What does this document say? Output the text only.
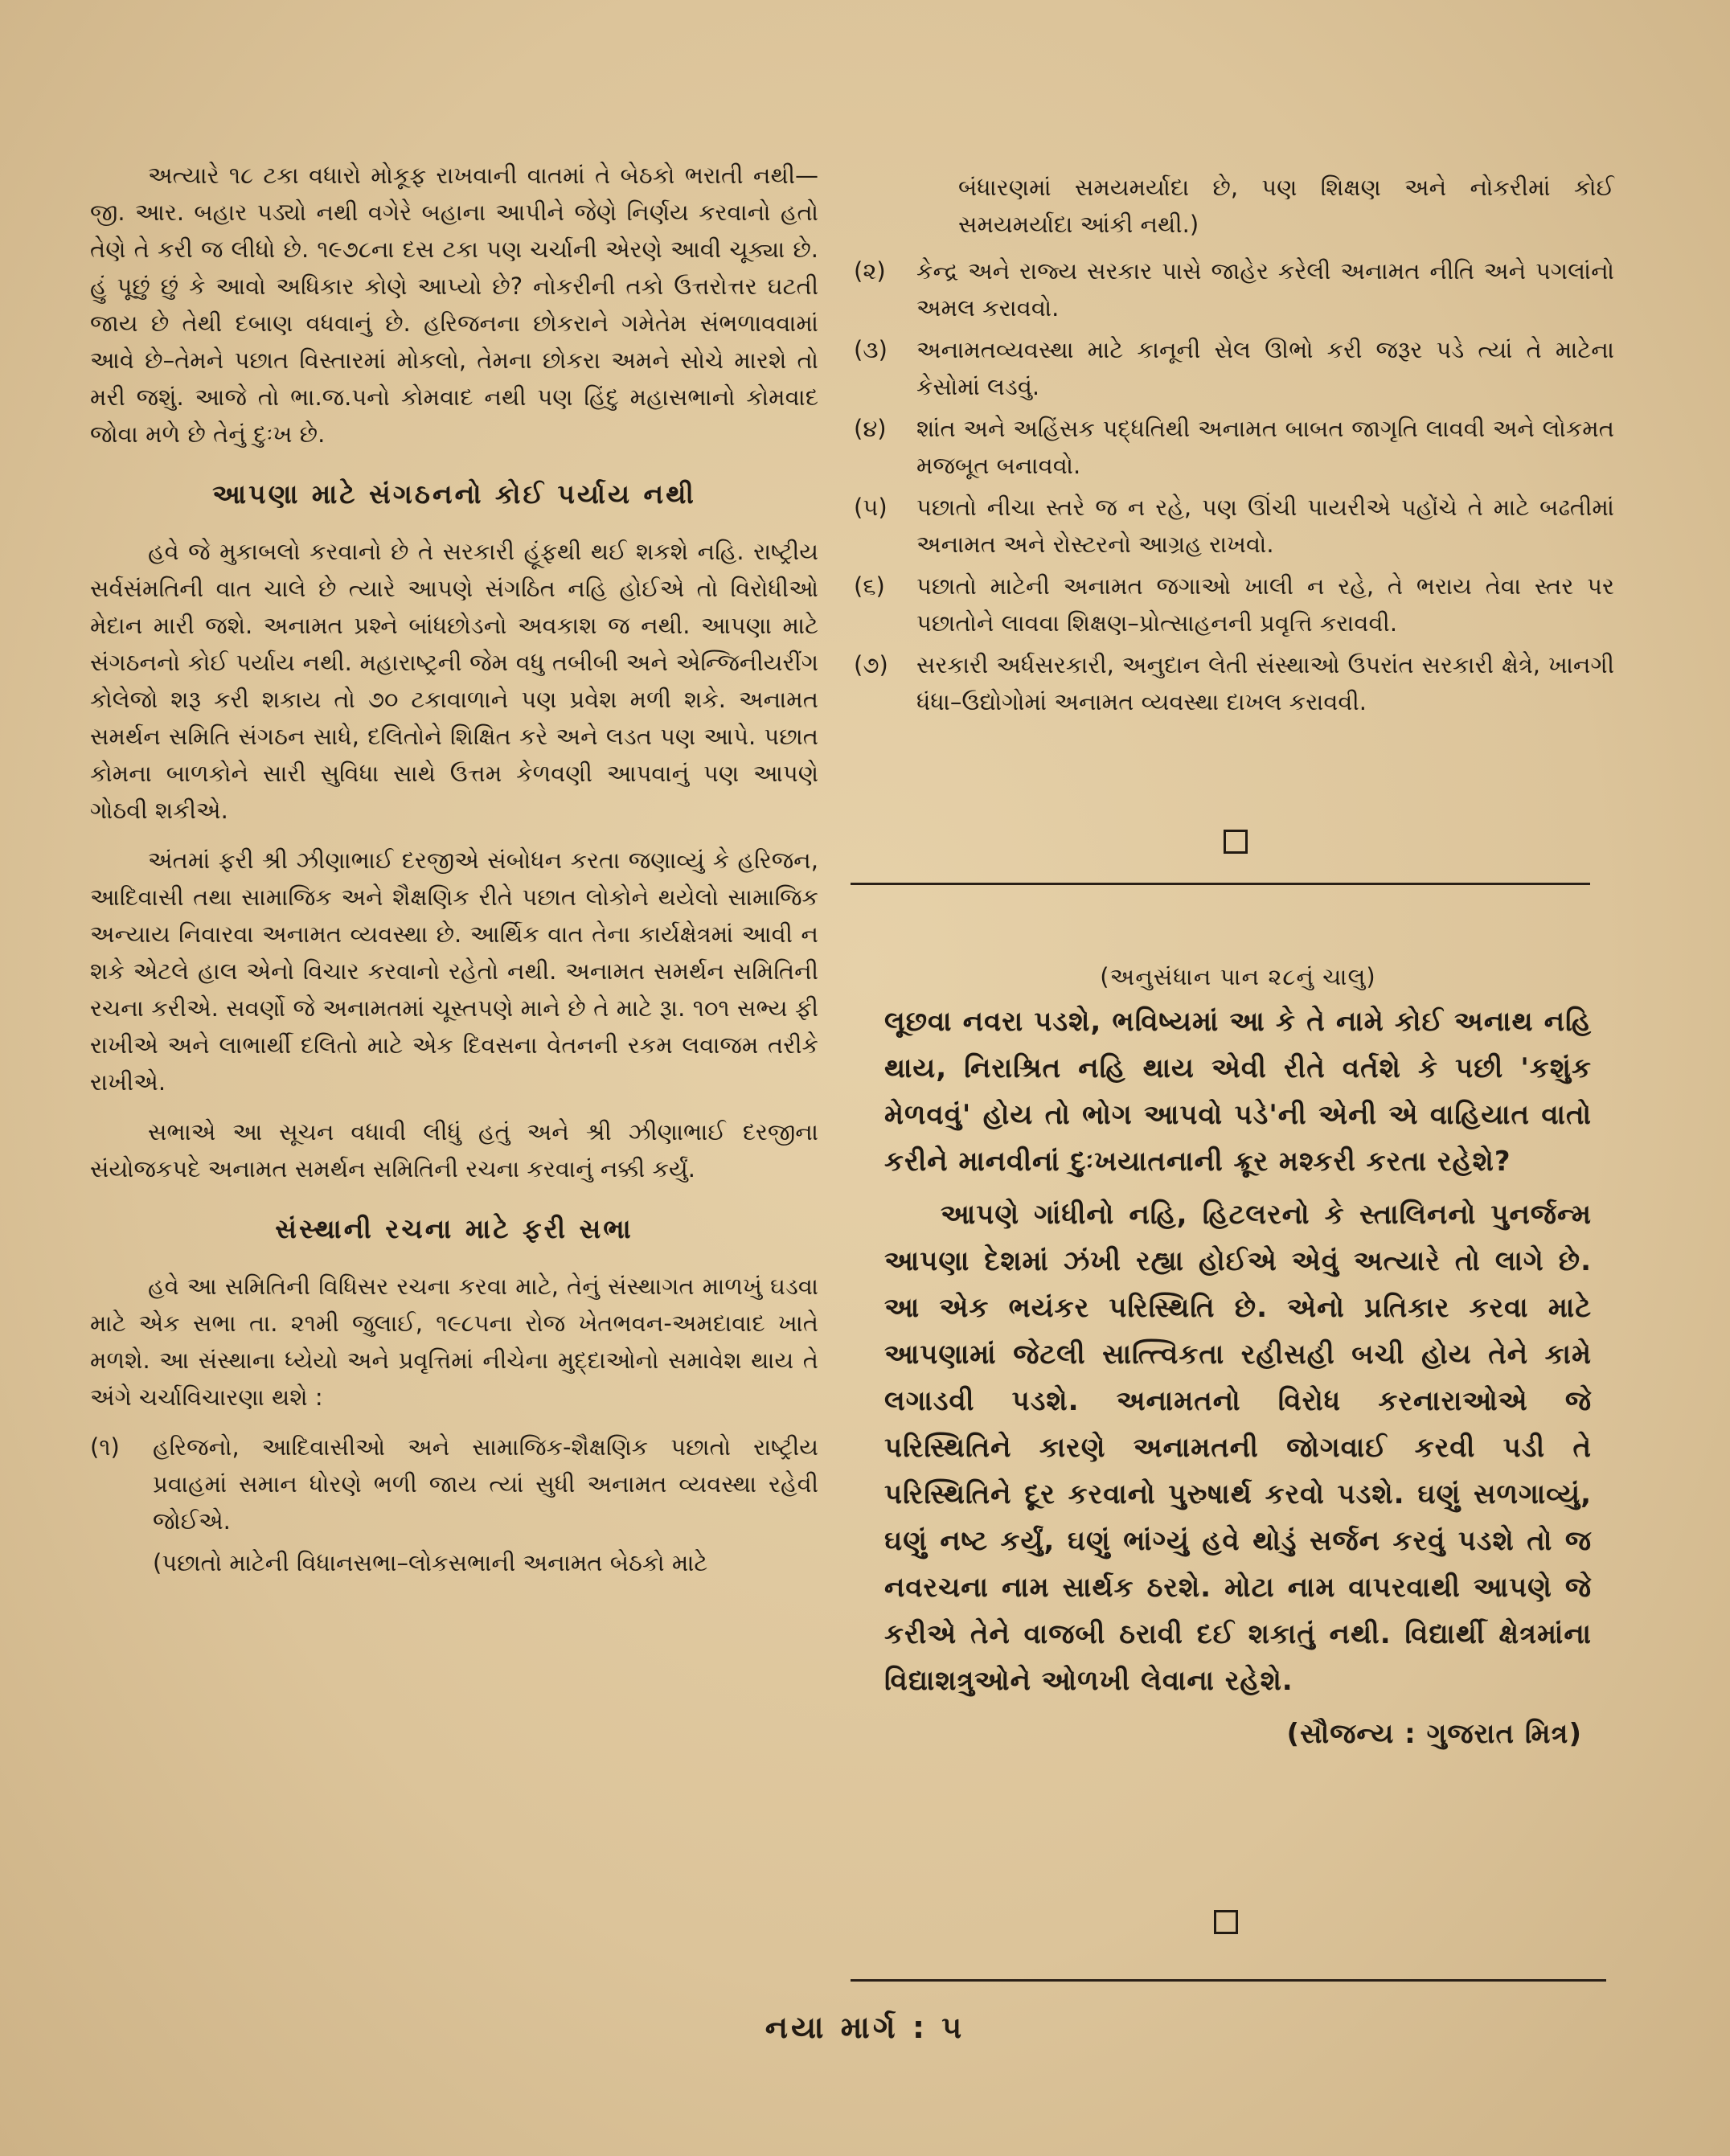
અત્યારે ૧૮ ટકા વધારો મોકૂફ રાખવાની વાતમાં તે બેઠકો ભરાતી નથી—જી. આર. બહાર પડ્યો નથી વગેરે બહાના આપીને જેણે નિર્ણય કરવાનો હતો તેણે તે કરી જ લીધો છે. ૧૯૭૮ના દસ ટકા પણ ચર્ચાની એરણે આવી ચૂક્યા છે. હું પૂછું છું કે આવો અધિકાર કોણે આપ્યો છે? નોકરીની તકો ઉત્તરોત્તર ઘટતી જાય છે તેથી દબાણ વધવાનું છે. હરિજનના છોકરાને ગમેતેમ સંભળાવવામાં આવે છે–તેમને પછાત વિસ્તારમાં મોકલો, તેમના છોકરા અમને સોચે મારશે તો મરી જશું. આજે તો ભા.જ.પનો કોમવાદ નથી પણ હિંદુ મહાસભાનો કોમવાદ જોવા મળે છે તેનું દુઃખ છે.

આપણા માટે સંગઠનનો કોઈ પર્યાય નથી

હવે જે મુકાબલો કરવાનો છે તે સરકારી હૂંફથી થઈ શકશે નહિ. રાષ્ટ્રીય સર્વસંમતિની વાત ચાલે છે ત્યારે આપણે સંગઠિત નહિ હોઈએ તો વિરોધીઓ મેદાન મારી જશે. અનામત પ્રશ્ને બાંધછોડનો અવકાશ જ નથી. આપણા માટે સંગઠનનો કોઈ પર્યાય નથી. મહારાષ્ટ્રની જેમ વધુ તબીબી અને એન્જિનીયરીંગ કોલેજો શરૂ કરી શકાય તો ૭૦ ટકાવાળાને પણ પ્રવેશ મળી શકે. અનામત સમર્થન સમિતિ સંગઠન સાધે, દલિતોને શિક્ષિત કરે અને લડત પણ આપે. પછાત કોમના બાળકોને સારી સુવિધા સાથે ઉત્તમ કેળવણી આપવાનું પણ આપણે ગોઠવી શકીએ.

અંતમાં ફરી શ્રી ઝીણાભાઈ દરજીએ સંબોધન કરતા જણાવ્યું કે હરિજન, આદિવાસી તથા સામાજિક અને શૈક્ષણિક રીતે પછાત લોકોને થયેલો સામાજિક અન્યાય નિવારવા અનામત વ્યવસ્થા છે. આર્થિક વાત તેના કાર્યક્ષેત્રમાં આવી ન શકે એટલે હાલ એનો વિચાર કરવાનો રહેતો નથી. અનામત સમર્થન સમિતિની રચના કરીએ. સવર્ણો જે અનામતમાં ચૂસ્તપણે માને છે તે માટે રૂા. ૧૦૧ સભ્ય ફી રાખીએ અને લાભાર્થી દલિતો માટે એક દિવસના વેતનની રકમ લવાજમ તરીકે રાખીએ.

સભાએ આ સૂચન વધાવી લીધું હતું અને શ્રી ઝીણાભાઈ દરજીના સંયોજકપદે અનામત સમર્થન સમિતિની રચના કરવાનું નક્કી કર્યું.

સંસ્થાની રચના માટે ફરી સભા

હવે આ સમિતિની વિધિસર રચના કરવા માટે, તેનું સંસ્થાગત માળખું ઘડવા માટે એક સભા તા. ૨૧મી જુલાઈ, ૧૯૮૫ના રોજ ખેતભવન-અમદાવાદ ખાતે મળશે. આ સંસ્થાના ધ્યેયો અને પ્રવૃત્તિમાં નીચેના મુદ્દાઓનો સમાવેશ થાય તે અંગે ચર્ચાવિચારણા થશે :

(૧)	હરિજનો, આદિવાસીઓ અને સામાજિક-શૈક્ષણિક પછાતો રાષ્ટ્રીય પ્રવાહમાં સમાન ધોરણે ભળી જાય ત્યાં સુધી અનામત વ્યવસ્થા રહેવી જોઈએ.
(પછાતો માટેની વિધાનસભા–લોકસભાની અનામત બેઠકો માટે
બંધારણમાં સમયમર્યાદા છે, પણ શિક્ષણ અને નોકરીમાં કોઈ સમયમર્યાદા આંકી નથી.)
(૨)	કેન્દ્ર અને રાજ્ય સરકાર પાસે જાહેર કરેલી અનામત નીતિ અને પગલાંનો અમલ કરાવવો.
(૩)	અનામતવ્યવસ્થા માટે કાનૂની સેલ ઊભો કરી જરૂર પડે ત્યાં તે માટેના કેસોમાં લડવું.
(૪)	શાંત અને અહિંસક પદ્ધતિથી અનામત બાબત જાગૃતિ લાવવી અને લોકમત મજબૂત બનાવવો.
(૫)	પછાતો નીચા સ્તરે જ ન રહે, પણ ઊંચી પાયરીએ પહોંચે તે માટે બઢતીમાં અનામત અને રોસ્ટરનો આગ્રહ રાખવો.
(૬)	પછાતો માટેની અનામત જગાઓ ખાલી ન રહે, તે ભરાય તેવા સ્તર પર પછાતોને લાવવા શિક્ષણ–પ્રોત્સાહનની પ્રવૃત્તિ કરાવવી.
(૭)	સરકારી અર્ધસરકારી, અનુદાન લેતી સંસ્થાઓ ઉપરાંત સરકારી ક્ષેત્રે, ખાનગી ધંધા–ઉદ્યોગોમાં અનામત વ્યવસ્થા દાખલ કરાવવી.
(અનુસંધાન પાન ૨૮નું ચાલુ)

લૂછવા નવરા પડશે, ભવિષ્યમાં આ કે તે નામે કોઈ અનાથ નહિ થાય, નિરાશ્રિત નહિ થાય એવી રીતે વર્તશે કે પછી 'કશુંક મેળવવું' હોય તો ભોગ આપવો પડે'ની એની એ વાહિયાત વાતો કરીને માનવીનાં દુઃખયાતનાની ક્રૂર મશ્કરી કરતા રહેશે?

આપણે ગાંધીનો નહિ, હિટલરનો કે સ્તાલિનનો પુનર્જન્મ આપણા દેશમાં ઝંખી રહ્યા હોઈએ એવું અત્યારે તો લાગે છે. આ એક ભયંકર પરિસ્થિતિ છે. એનો પ્રતિકાર કરવા માટે આપણામાં જેટલી સાત્ત્વિકતા રહીસહી બચી હોય તેને કામે લગાડવી પડશે. અનામતનો વિરોધ કરનારાઓએ જે પરિસ્થિતિને કારણે અનામતની જોગવાઈ કરવી પડી તે પરિસ્થિતિને દૂર કરવાનો પુરુષાર્થ કરવો પડશે. ઘણું સળગાવ્યું, ઘણું નષ્ટ કર્યું, ઘણું ભાંગ્યું હવે થોડું સર્જન કરવું પડશે તો જ નવરચના નામ સાર્થક ઠરશે. મોટા નામ વાપરવાથી આપણે જે કરીએ તેને વાજબી ઠરાવી દઈ શકાતું નથી. વિદ્યાર્થી ક્ષેત્રમાંના વિદ્યાશત્રુઓને ઓળખી લેવાના રહેશે.

(સૌજન્ય : ગુજરાત મિત્ર)
નયા માર્ગ : ૫
